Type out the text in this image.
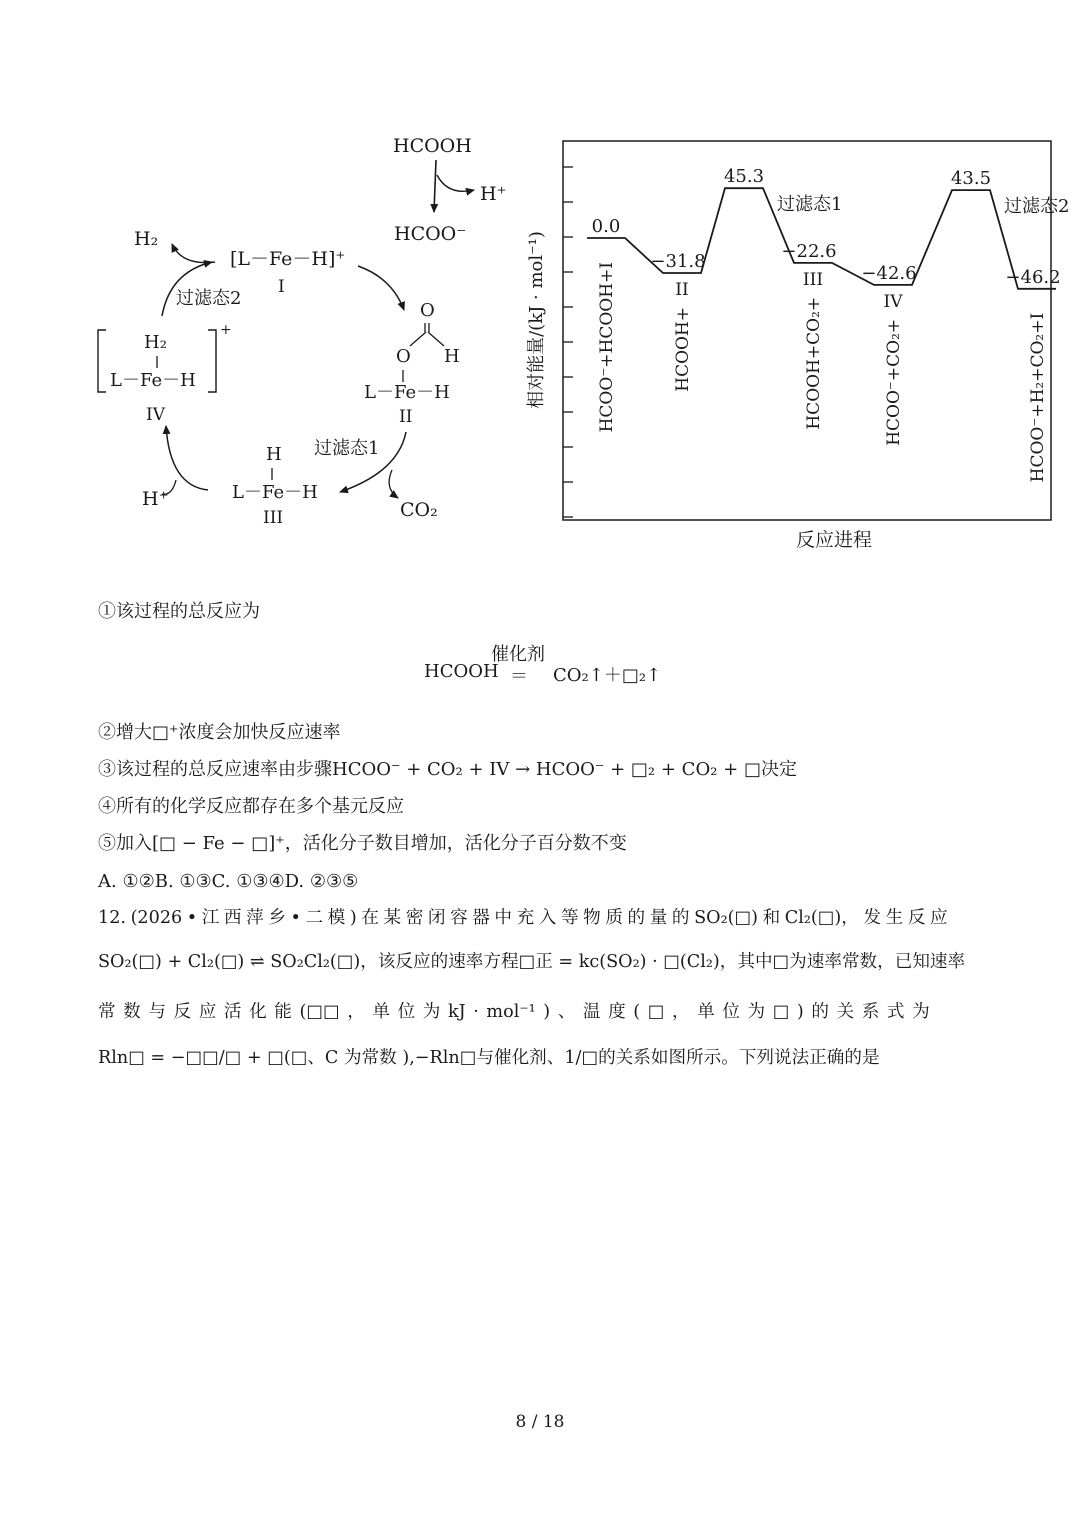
HCOOH
H⁺
HCOO⁻
[L－Fe－H]⁺
I
H₂
过滤态2
+
H₂
L－Fe－H
IV
H⁺
O
O H
L－Fe－H
II
过滤态1
CO₂
H
L－Fe－H
III
相对能量/(kJ · mol⁻¹)
反应进程
0.0
HCOO⁻+HCOOH+I
−31.8
II
HCOOH+
45.3
过滤态1
−22.6
III
HCOOH+CO₂+
−42.6
IV
HCOO⁻+CO₂+
43.5
过滤态2
−46.2
HCOO⁻+H₂+CO₂+I
①该过程的总反应为
催化剂
HCOOH ＝ CO₂↑＋□₂↑
②增大□⁺浓度会加快反应速率
③该过程的总反应速率由步骤HCOO⁻ + CO₂ + IV → HCOO⁻ + □₂ + CO₂ + □决定
④所有的化学反应都存在多个基元反应
⑤加入[□ − Fe − □]⁺，活化分子数目增加，活化分子百分数不变
A. ①②B. ①③C. ①③④D. ②③⑤
12. (2026 • 江 西 萍 乡 • 二 模 ) 在 某 密 闭 容 器 中 充 入 等 物 质 的 量 的 SO₂(□) 和 Cl₂(□)， 发 生 反 应
SO₂(□) + Cl₂(□) ⇌ SO₂Cl₂(□)，该反应的速率方程□正 = kc(SO₂) · □(Cl₂)，其中□为速率常数，已知速率
常 数 与 反 应 活 化 能 (□□ ， 单 位 为 kJ · mol⁻¹ ) 、 温 度 ( □ ， 单 位 为 □ ) 的 关 系 式 为
Rln□ = −□□/□ + □(□、C 为常数 ),−Rln□与催化剂、1/□的关系如图所示。下列说法正确的是
8 / 18
